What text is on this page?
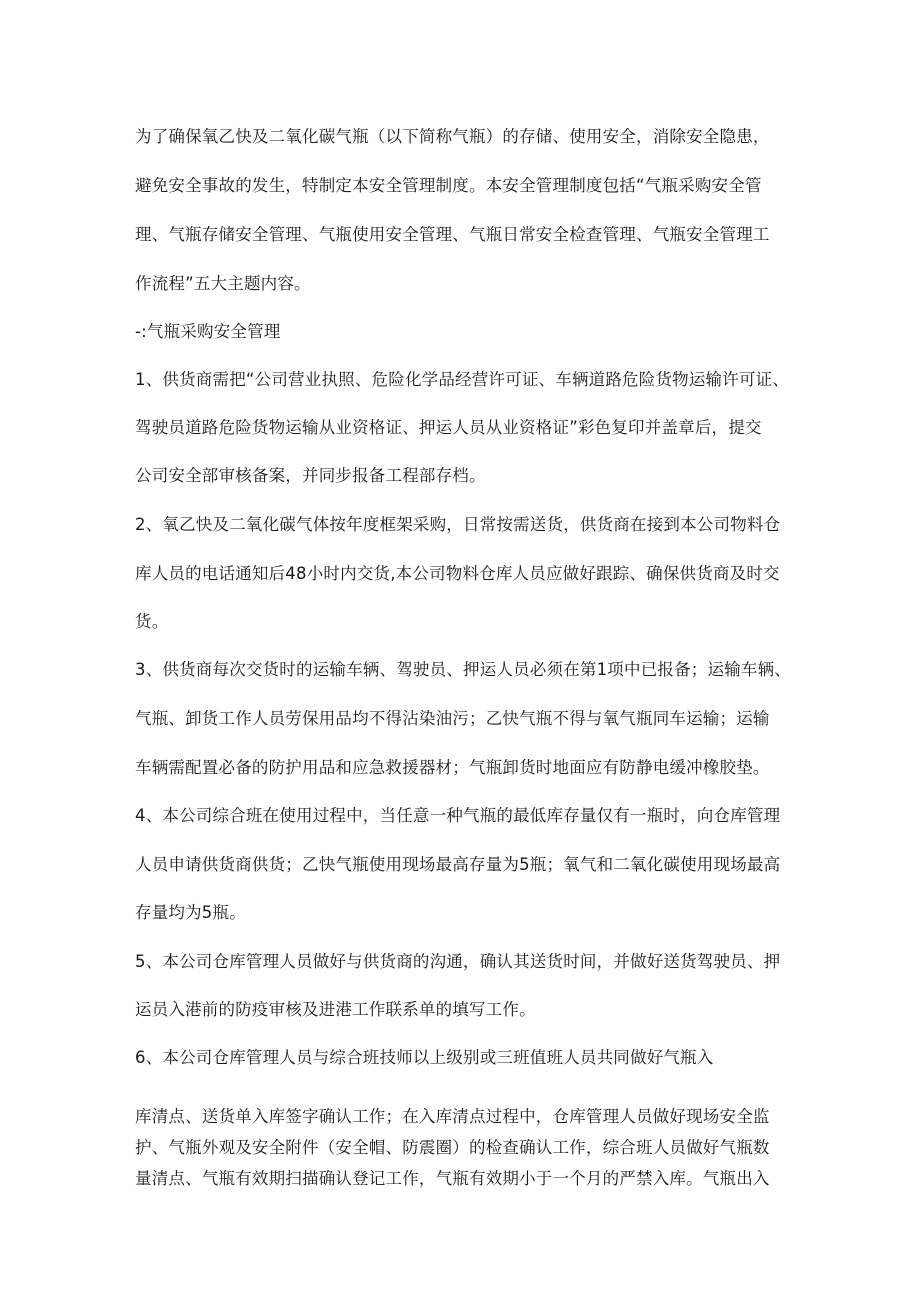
为了确保氧乙快及二氧化碳气瓶（以下简称气瓶）的存储、使用安全，消除安全隐患，
避免安全事故的发生，特制定本安全管理制度。本安全管理制度包括“气瓶采购安全管
理、气瓶存储安全管理、气瓶使用安全管理、气瓶日常安全检查管理、气瓶安全管理工
作流程”五大主题内容。
-:气瓶采购安全管理
1、供货商需把“公司营业执照、危险化学品经营许可证、车辆道路危险货物运输许可证、
驾驶员道路危险货物运输从业资格证、押运人员从业资格证”彩色复印并盖章后，提交
公司安全部审核备案，并同步报备工程部存档。
2、氧乙快及二氧化碳气体按年度框架采购，日常按需送货，供货商在接到本公司物料仓
库人员的电话通知后48小时内交货,本公司物料仓库人员应做好跟踪、确保供货商及时交
货。
3、供货商每次交货时的运输车辆、驾驶员、押运人员必须在第1项中已报备；运输车辆、
气瓶、卸货工作人员劳保用品均不得沾染油污；乙快气瓶不得与氧气瓶同车运输；运输
车辆需配置必备的防护用品和应急救援器材；气瓶卸货时地面应有防静电缓冲橡胶垫。
4、本公司综合班在使用过程中，当任意一种气瓶的最低库存量仅有一瓶时，向仓库管理
人员申请供货商供货；乙快气瓶使用现场最高存量为5瓶；氧气和二氧化碳使用现场最高
存量均为5瓶。
5、本公司仓库管理人员做好与供货商的沟通，确认其送货时间，并做好送货驾驶员、押
运员入港前的防疫审核及进港工作联系单的填写工作。
6、本公司仓库管理人员与综合班技师以上级别或三班值班人员共同做好气瓶入
库清点、送货单入库签字确认工作；在入库清点过程中，仓库管理人员做好现场安全监
护、气瓶外观及安全附件（安全帽、防震圈）的检查确认工作，综合班人员做好气瓶数
量清点、气瓶有效期扫描确认登记工作，气瓶有效期小于一个月的严禁入库。气瓶出入
